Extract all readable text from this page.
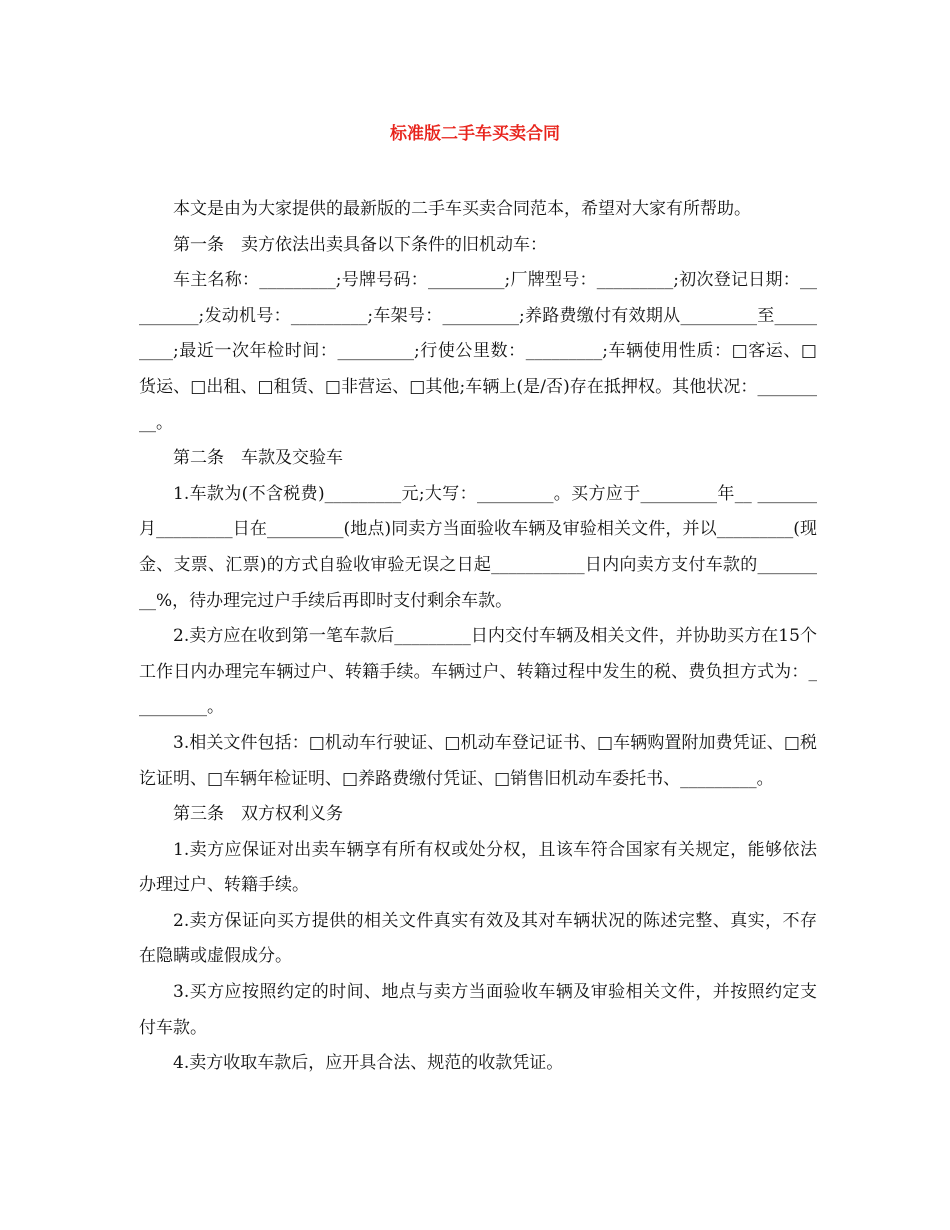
标准版二手车买卖合同

本文是由为大家提供的最新版的二手车买卖合同范本，希望对大家有所帮助。

第一条　卖方依法出卖具备以下条件的旧机动车：

车主名称：_________;号牌号码：_________;厂牌型号：_________;初次登记日期：_________;发动机号：_________;车架号：_________;养路费缴付有效期从_________至_________;最近一次年检时间：_________;行使公里数：_________;车辆使用性质：□客运、□货运、□出租、□租赁、□非营运、□其他;车辆上(是/否)存在抵押权。其他状况：_________。

第二条　车款及交验车

1.车款为(不含税费)_________元;大写：_________。买方应于_________年__ _______月_________日在_________(地点)同卖方当面验收车辆及审验相关文件，并以_________(现金、支票、汇票)的方式自验收审验无误之日起___________日内向卖方支付车款的_________%，待办理完过户手续后再即时支付剩余车款。

2.卖方应在收到第一笔车款后_________日内交付车辆及相关文件，并协助买方在15个工作日内办理完车辆过户、转籍手续。车辆过户、转籍过程中发生的税、费负担方式为：_________。

3.相关文件包括：□机动车行驶证、□机动车登记证书、□车辆购置附加费凭证、□税讫证明、□车辆年检证明、□养路费缴付凭证、□销售旧机动车委托书、_________。

第三条　双方权利义务

1.卖方应保证对出卖车辆享有所有权或处分权，且该车符合国家有关规定，能够依法办理过户、转籍手续。

2.卖方保证向买方提供的相关文件真实有效及其对车辆状况的陈述完整、真实，不存在隐瞒或虚假成分。

3.买方应按照约定的时间、地点与卖方当面验收车辆及审验相关文件，并按照约定支付车款。

4.卖方收取车款后，应开具合法、规范的收款凭证。
